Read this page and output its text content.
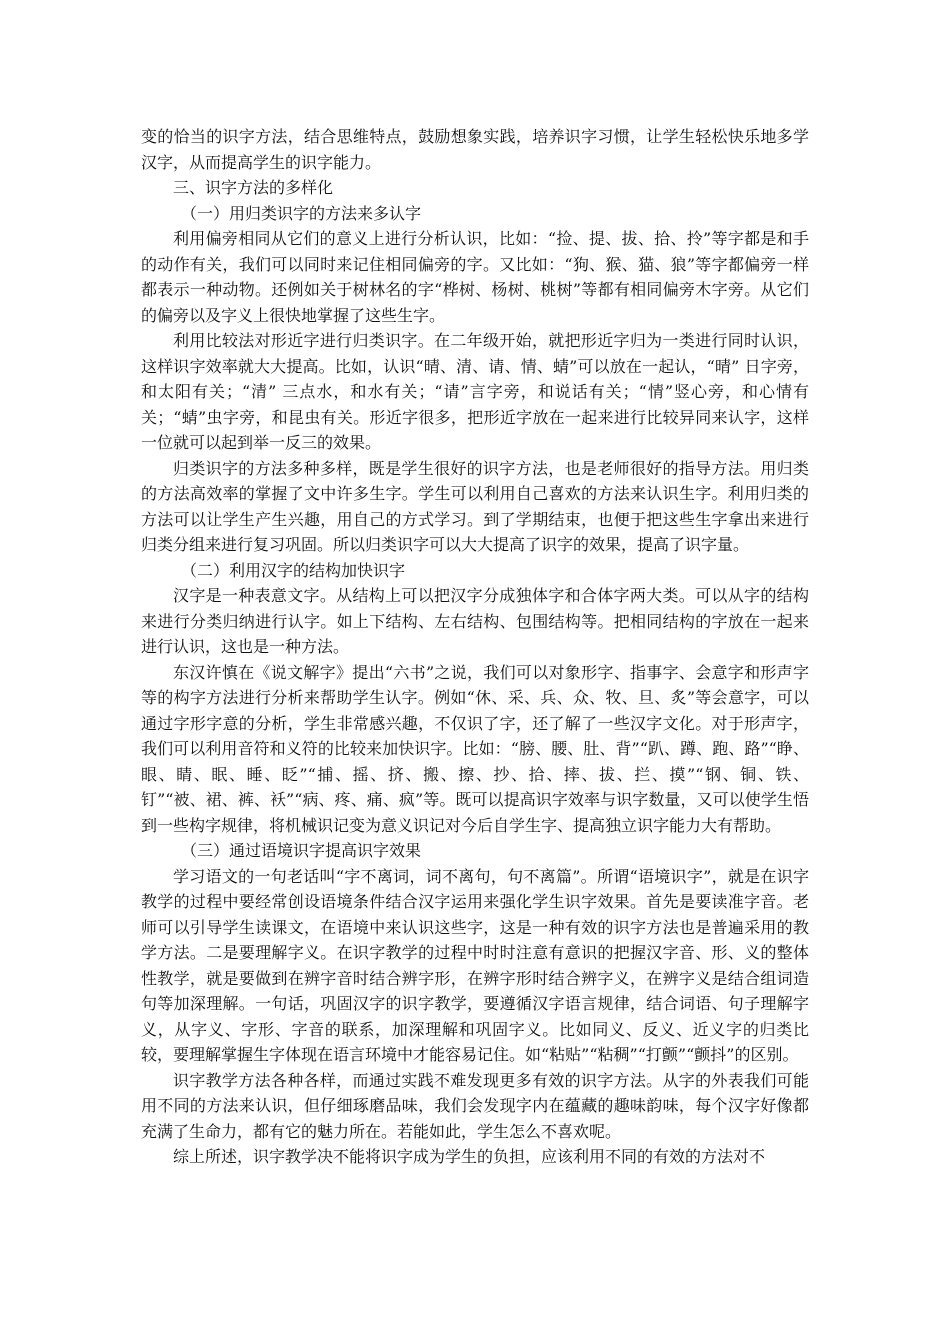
变的恰当的识字方法，结合思维特点，鼓励想象实践，培养识字习惯，让学生轻松快乐地多学汉字，从而提高学生的识字能力。

三、识字方法的多样化

（一）用归类识字的方法来多认字

利用偏旁相同从它们的意义上进行分析认识，比如：“捡、提、拔、拾、拎”等字都是和手的动作有关，我们可以同时来记住相同偏旁的字。又比如：“狗、猴、猫、狼”等字都偏旁一样都表示一种动物。还例如关于树林名的字“桦树、杨树、桃树”等都有相同偏旁木字旁。从它们的偏旁以及字义上很快地掌握了这些生字。

利用比较法对形近字进行归类识字。在二年级开始，就把形近字归为一类进行同时认识，这样识字效率就大大提高。比如，认识“晴、清、请、情、蜻”可以放在一起认，“晴” 日字旁，和太阳有关；“清” 三点水，和水有关；“请”言字旁，和说话有关；“情”竖心旁，和心情有关；“蜻”虫字旁，和昆虫有关。形近字很多，把形近字放在一起来进行比较异同来认字，这样一位就可以起到举一反三的效果。

归类识字的方法多种多样，既是学生很好的识字方法，也是老师很好的指导方法。用归类的方法高效率的掌握了文中许多生字。学生可以利用自己喜欢的方法来认识生字。利用归类的方法可以让学生产生兴趣，用自己的方式学习。到了学期结束，也便于把这些生字拿出来进行归类分组来进行复习巩固。所以归类识字可以大大提高了识字的效果，提高了识字量。

（二）利用汉字的结构加快识字

汉字是一种表意文字。从结构上可以把汉字分成独体字和合体字两大类。可以从字的结构来进行分类归纳进行认字。如上下结构、左右结构、包围结构等。把相同结构的字放在一起来进行认识，这也是一种方法。

东汉许慎在《说文解字》提出“六书”之说，我们可以对象形字、指事字、会意字和形声字等的构字方法进行分析来帮助学生认字。例如“休、采、兵、众、牧、旦、炙”等会意字，可以通过字形字意的分析，学生非常感兴趣，不仅识了字，还了解了一些汉字文化。对于形声字，我们可以利用音符和义符的比较来加快识字。比如：“膀、腰、肚、背”“趴、蹲、跑、路”“睁、眼、睛、眠、睡、眨”“捕、摇、挤、搬、擦、抄、拾、摔、拔、拦、摸”“钢、铜、铁、钉”“被、裙、裤、袄”“病、疼、痛、疯”等。既可以提高识字效率与识字数量，又可以使学生悟到一些构字规律，将机械识记变为意义识记对今后自学生字、提高独立识字能力大有帮助。

（三）通过语境识字提高识字效果

学习语文的一句老话叫“字不离词，词不离句，句不离篇”。所谓“语境识字”，就是在识字教学的过程中要经常创设语境条件结合汉字运用来强化学生识字效果。首先是要读准字音。老师可以引导学生读课文，在语境中来认识这些字，这是一种有效的识字方法也是普遍采用的教学方法。二是要理解字义。在识字教学的过程中时时注意有意识的把握汉字音、形、义的整体性教学，就是要做到在辨字音时结合辨字形，在辨字形时结合辨字义，在辨字义是结合组词造句等加深理解。一句话，巩固汉字的识字教学，要遵循汉字语言规律，结合词语、句子理解字义，从字义、字形、字音的联系，加深理解和巩固字义。比如同义、反义、近义字的归类比较，要理解掌握生字体现在语言环境中才能容易记住。如“粘贴”“粘稠”“打颤”“颤抖”的区别。

识字教学方法各种各样，而通过实践不难发现更多有效的识字方法。从字的外表我们可能用不同的方法来认识，但仔细琢磨品味，我们会发现字内在蕴藏的趣味韵味，每个汉字好像都充满了生命力，都有它的魅力所在。若能如此，学生怎么不喜欢呢。

综上所述，识字教学决不能将识字成为学生的负担，应该利用不同的有效的方法对不
